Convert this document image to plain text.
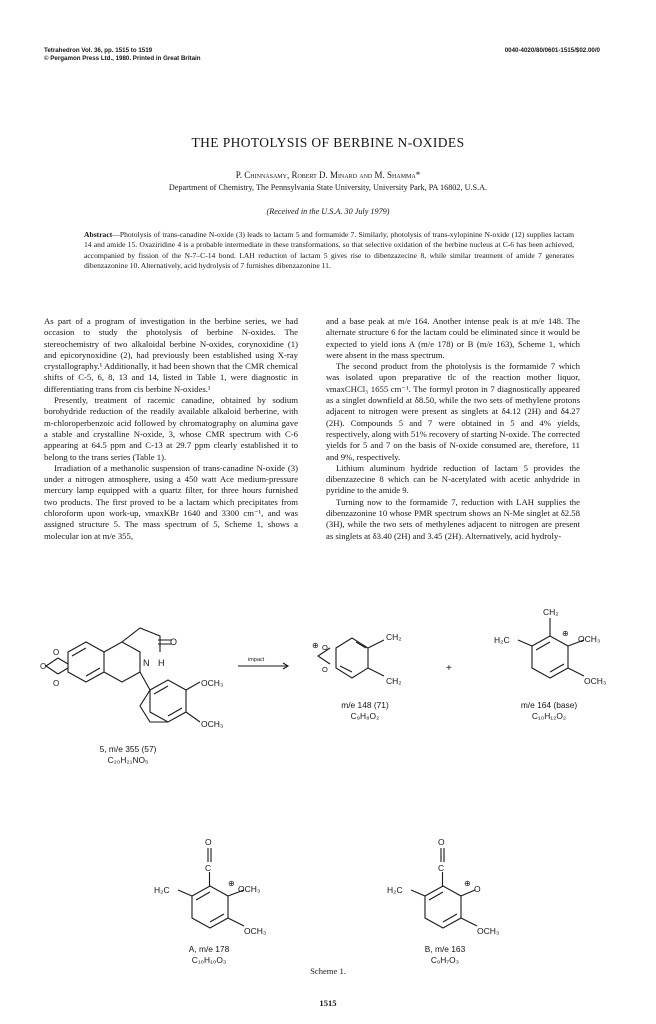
Tetrahedron Vol. 36, pp. 1515 to 1519
© Pergamon Press Ltd., 1980. Printed in Great Britain
0040-4020/80/0601-1515/$02.00/0
THE PHOTOLYSIS OF BERBINE N-OXIDES
P. Chinnasamy, Robert D. Minard and M. Shamma*
Department of Chemistry, The Pennsylvania State University, University Park, PA 16802, U.S.A.
(Received in the U.S.A. 30 July 1979)
Abstract—Photolysis of trans-canadine N-oxide (3) leads to lactam 5 and formamide 7. Similarly, photolysis of trans-xylopinine N-oxide (12) supplies lactam 14 and amide 15. Oxaziridine 4 is a probable intermediate in these transformations, so that selective oxidation of the berbine nucleus at C-6 has been achieved, accompanied by fission of the N-7–C-14 bond. LAH reduction of lactam 5 gives rise to dibenzazecine 8, while similar treatment of amide 7 generates dibenzazonine 10. Alternatively, acid hydrolysis of 7 furnishes dibenzazonine 11.

As part of a program of investigation in the berbine series, we had occasion to study the photolysis of berbine N-oxides. The stereochemistry of two alkaloidal berbine N-oxides, corynoxidine (1) and epicorynoxidine (2), had previously been established using X-ray crystallography.¹ Additionally, it had been shown that the CMR chemical shifts of C-5, 6, 8, 13 and 14, listed in Table 1, were diagnostic in differentiating trans from cis berbine N-oxides.¹

Presently, treatment of racemic canadine, obtained by sodium borohydride reduction of the readily available alkaloid berberine, with m-chloroperbenzoic acid followed by chromatography on alumina gave a stable and crystalline N-oxide, 3, whose CMR spectrum with C-6 appearing at 64.5 ppm and C-13 at 29.7 ppm clearly established it to belong to the trans series (Table 1).

Irradiation of a methanolic suspension of trans-canadine N-oxide (3) under a nitrogen atmosphere, using a 450 watt Ace medium-pressure mercury lamp equipped with a quartz filter, for three hours furnished two products. The first proved to be a lactam which precipitates from chloroform upon work-up, νmaxKBr 1640 and 3300 cm⁻¹, and was assigned structure 5. The mass spectrum of 5, Scheme 1, shows a molecular ion at m/e 355,

and a base peak at m/e 164. Another intense peak is at m/e 148. The alternate structure 6 for the lactam could be eliminated since it would be expected to yield ions A (m/e 178) or B (m/e 163), Scheme 1, which were absent in the mass spectrum.

The second product from the photolysis is the formamide 7 which was isolated upon preparative tlc of the reaction mother liquor, νmaxCHCl₃ 1655 cm⁻¹. The formyl proton in 7 diagnostically appeared as a singlet downfield at δ8.50, while the two sets of methylene protons adjacent to nitrogen were present as singlets at δ4.12 (2H) and δ4.27 (2H). Compounds 5 and 7 were obtained in 5 and 4% yields, respectively, along with 51% recovery of starting N-oxide. The corrected yields for 5 and 7 on the basis of N-oxide consumed are, therefore, 11 and 9%, respectively.

Lithium aluminum hydride reduction of lactam 5 provides the dibenzazecine 8 which can be N-acetylated with acetic anhydride in pyridine to the amide 9.

Turning now to the formamide 7, reduction with LAH supplies the dibenzazonine 10 whose PMR spectrum shows an N-Me singlet at δ2.58 (3H), while the two sets of methylenes adjacent to nitrogen are present as singlets at δ3.40 (2H) and 3.45 (2H). Alternatively, acid hydroly-

O
O
O
O
N H
OCH₃
OCH₃
impact
⊕ O
O
CH₂
CH₂
+
CH₂
H₂C
⊕
OCH₃
OCH₃
O
C
H₂C
⊕
OCH₃
OCH₃
O
C
H₂C
⊕
O
OCH₃
5, m/e 355 (57)
C₂₀H₂₁NO₅
m/e 148 (71)
C₉H₈O₂
m/e 164 (base)
C₁₀H₁₂O₂
A, m/e 178
C₁₀H₁₀O₃
B, m/e 163
C₉H₇O₃
Scheme 1.
1515
